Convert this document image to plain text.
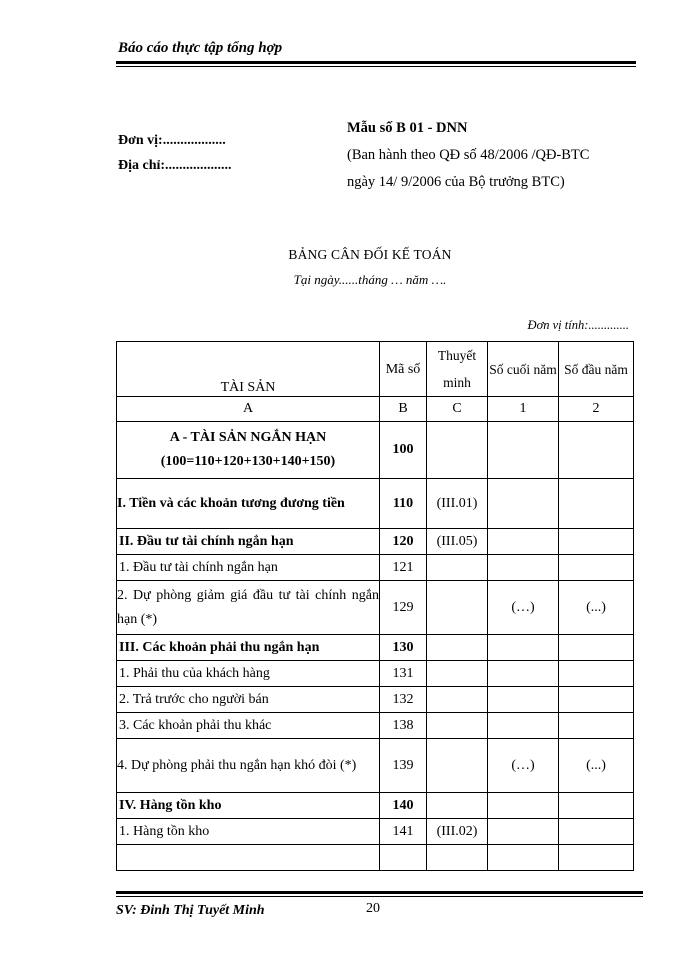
Báo cáo thực tập tổng hợp
Đơn vị:..................
Địa chỉ:...................
Mẫu số B 01 - DNN
(Ban hành theo QĐ số 48/2006 /QĐ-BTC
ngày 14/ 9/2006 của Bộ trưởng BTC)
BẢNG CÂN ĐỐI KẾ TOÁN
Tại ngày......tháng … năm ….
Đơn vị tính:.............
TÀI SẢN	Mã số	Thuyết minh	Số cuối năm	Số đầu năm
A	B	C	1	2
A - TÀI SẢN NGẮN HẠN (100=110+120+130+140+150)	100			
I. Tiền và các khoản tương đương tiền	110	(III.01)		
II. Đầu tư tài chính ngắn hạn	120	(III.05)		
1. Đầu tư tài chính ngắn hạn	121			
2. Dự phòng giảm giá đầu tư tài chính ngắn hạn (*)	129		(…)	(...)
III. Các khoản phải thu ngắn hạn	130			
1. Phải thu của khách hàng	131			
2. Trả trước cho người bán	132			
3. Các khoản phải thu khác	138			
4. Dự phòng phải thu ngắn hạn khó đòi (*)	139		(…)	(...)
IV. Hàng tồn kho	140			
1. Hàng tồn kho	141	(III.02)		

SV: Đinh Thị Tuyết Minh	20
